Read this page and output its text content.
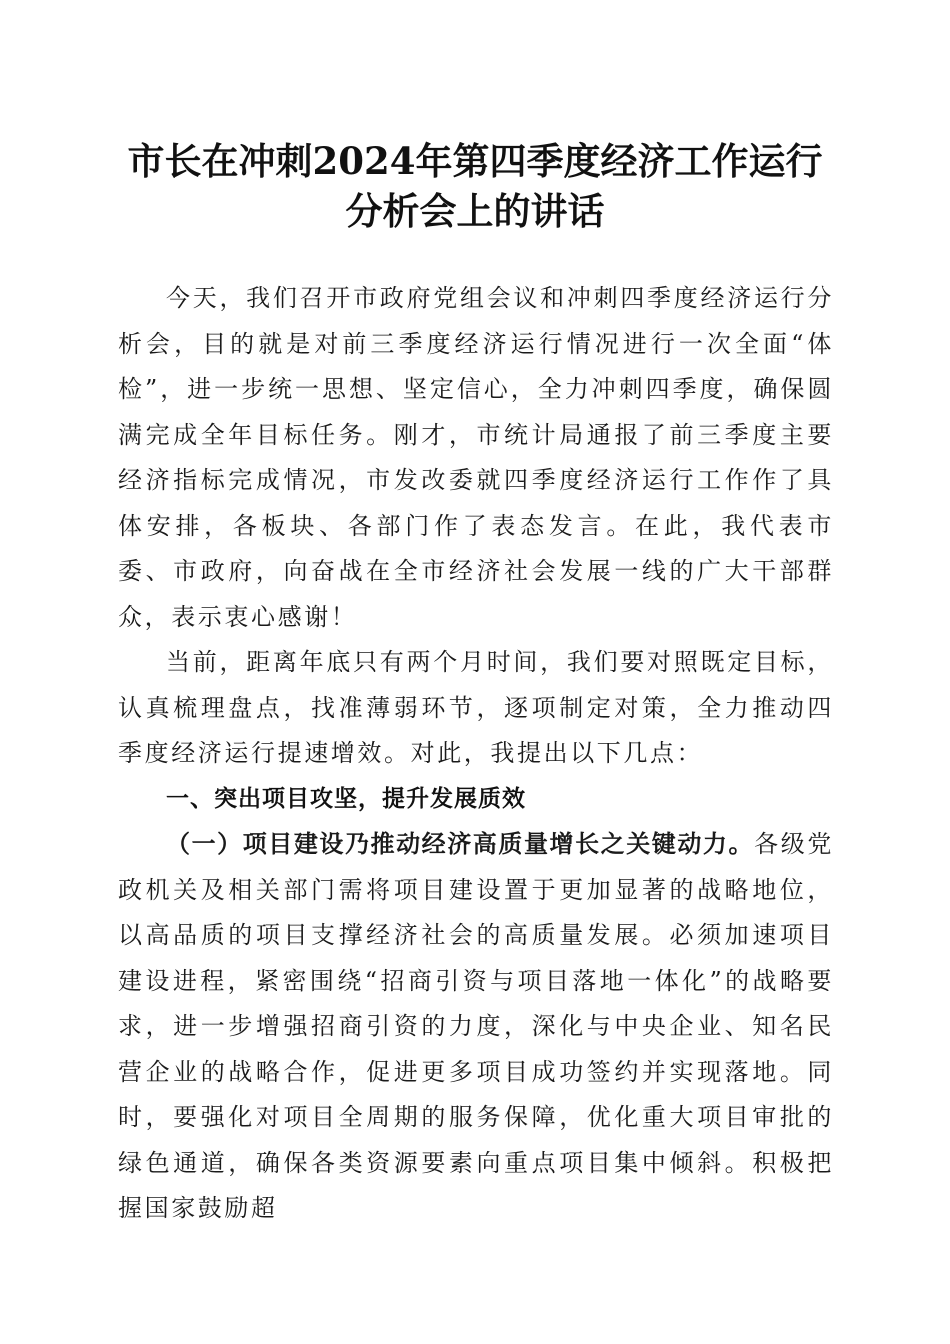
市长在冲刺2024年第四季度经济工作运行分析会上的讲话

今天，我们召开市政府党组会议和冲刺四季度经济运行分析会，目的就是对前三季度经济运行情况进行一次全面“体检”，进一步统一思想、坚定信心，全力冲刺四季度，确保圆满完成全年目标任务。刚才，市统计局通报了前三季度主要经济指标完成情况，市发改委就四季度经济运行工作作了具体安排，各板块、各部门作了表态发言。在此，我代表市委、市政府，向奋战在全市经济社会发展一线的广大干部群众，表示衷心感谢！

当前，距离年底只有两个月时间，我们要对照既定目标，认真梳理盘点，找准薄弱环节，逐项制定对策，全力推动四季度经济运行提速增效。对此，我提出以下几点：

一、突出项目攻坚，提升发展质效

（一）项目建设乃推动经济高质量增长之关键动力。各级党政机关及相关部门需将项目建设置于更加显著的战略地位，以高品质的项目支撑经济社会的高质量发展。必须加速项目建设进程，紧密围绕“招商引资与项目落地一体化”的战略要求，进一步增强招商引资的力度，深化与中央企业、知名民营企业的战略合作，促进更多项目成功签约并实现落地。同时，要强化对项目全周期的服务保障，优化重大项目审批的绿色通道，确保各类资源要素向重点项目集中倾斜。积极把握国家鼓励超
